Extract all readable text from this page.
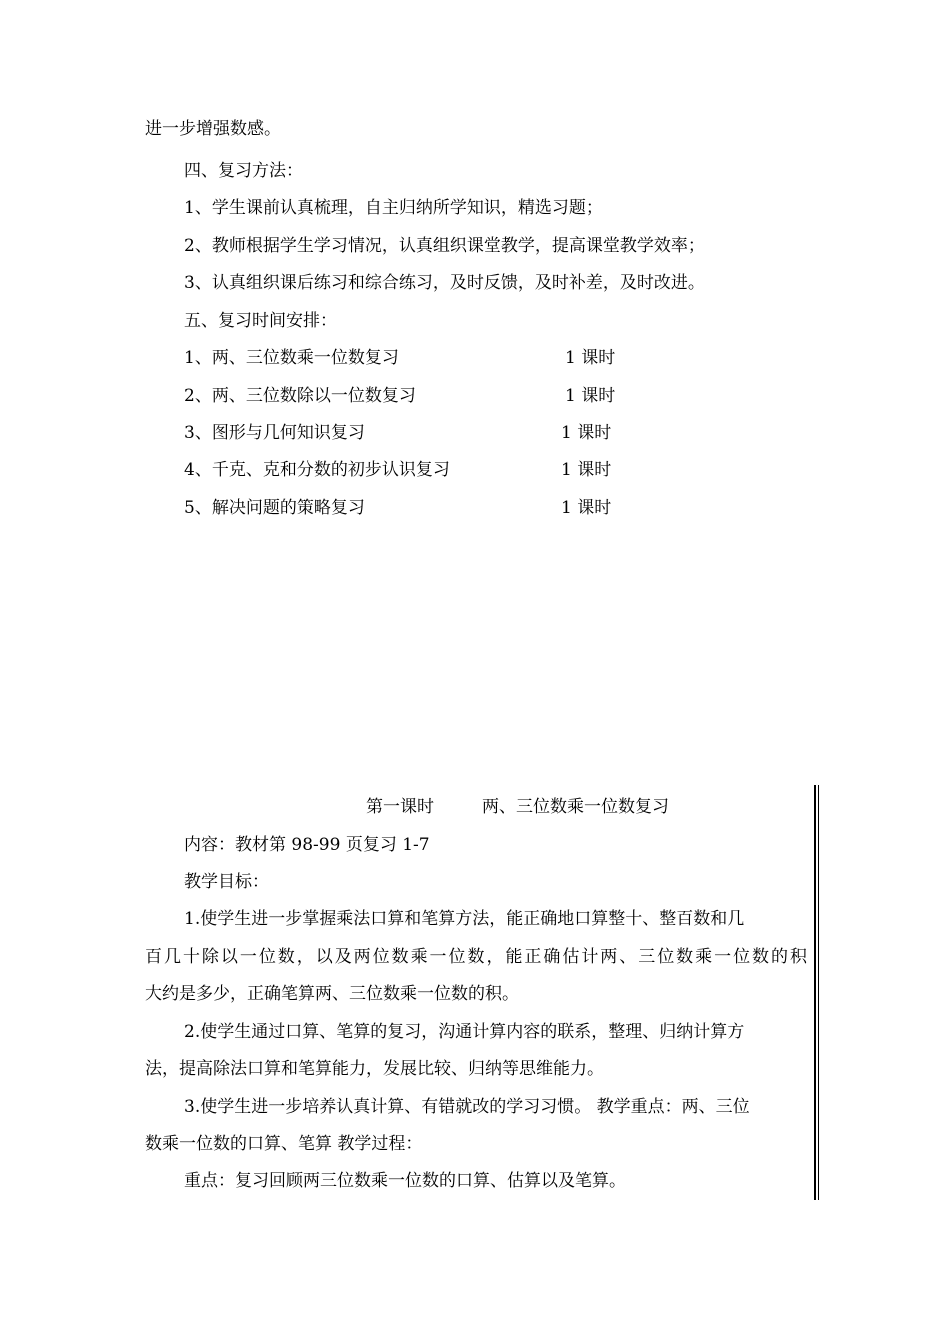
进一步增强数感。
四、复习方法：
1、学生课前认真梳理，自主归纳所学知识，精选习题；
2、教师根据学生学习情况，认真组织课堂教学，提高课堂教学效率；
3、认真组织课后练习和综合练习，及时反馈，及时补差，及时改进。
五、复习时间安排：
1、两、三位数乘一位数复习	1 课时
2、两、三位数除以一位数复习	1 课时
3、图形与几何知识复习	1 课时
4、千克、克和分数的初步认识复习	1 课时
5、解决问题的策略复习	1 课时
第一课时	两、三位数乘一位数复习
内容：教材第 98-99 页复习 1-7
教学目标：
1.使学生进一步掌握乘法口算和笔算方法，能正确地口算整十、整百数和几
百几十除以一位数，以及两位数乘一位数，能正确估计两、三位数乘一位数的积
大约是多少，正确笔算两、三位数乘一位数的积。
2.使学生通过口算、笔算的复习，沟通计算内容的联系，整理、归纳计算方
法，提高除法口算和笔算能力，发展比较、归纳等思维能力。
3.使学生进一步培养认真计算、有错就改的学习习惯。 教学重点：两、三位
数乘一位数的口算、笔算 教学过程：
重点：复习回顾两三位数乘一位数的口算、估算以及笔算。
